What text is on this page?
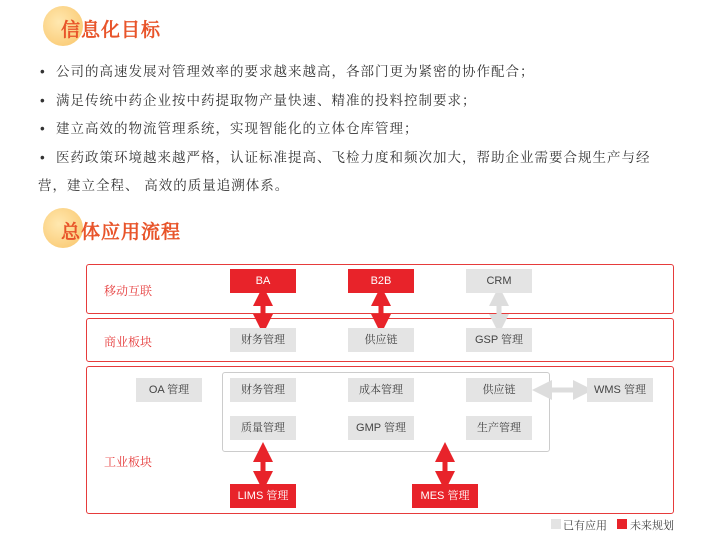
信息化目标
• 公司的高速发展对管理效率的要求越来越高，各部门更为紧密的协作配合；
• 满足传统中药企业按中药提取物产量快速、精准的投料控制要求；
• 建立高效的物流管理系统，实现智能化的立体仓库管理；
• 医药政策环境越来越严格，认证标准提高、飞检力度和频次加大，帮助企业需要合规生产与经
营，建立全程、 高效的质量追溯体系。
总体应用流程
移动互联
商业板块
工业板块
BA	B2B	CRM
财务管理	供应链	GSP 管理
OA 管理	财务管理	成本管理	供应链	WMS 管理
质量管理	GMP 管理	生产管理
LIMS 管理	MES 管理
已有应用 未来规划
